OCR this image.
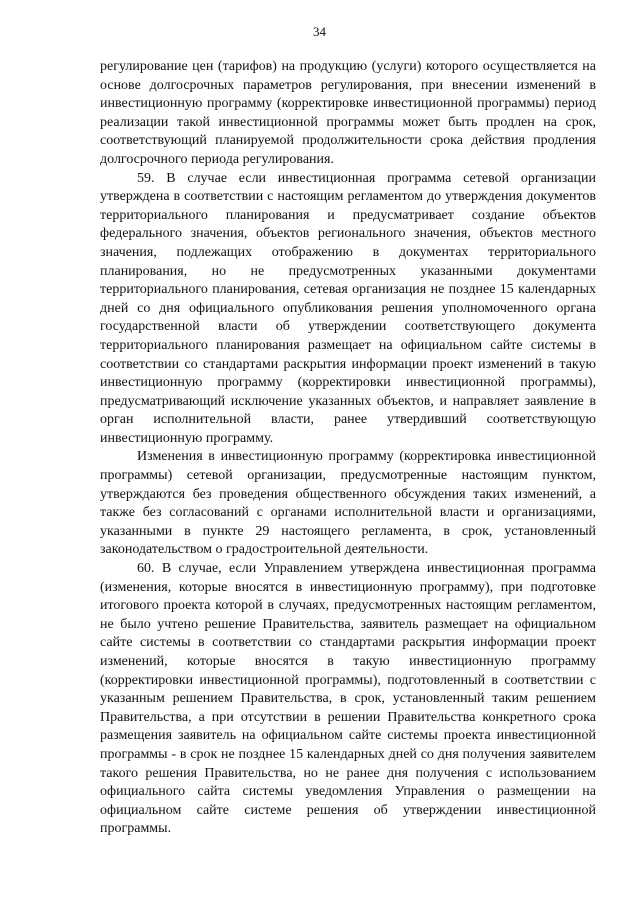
34

регулирование цен (тарифов) на продукцию (услуги) которого осуществляется на основе долгосрочных параметров регулирования, при внесении изменений в инвестиционную программу (корректировке инвестиционной программы) период реализации такой инвестиционной программы может быть продлен на срок, соответствующий планируемой продолжительности срока действия продления долгосрочного периода регулирования.

59. В случае если инвестиционная программа сетевой организации утверждена в соответствии с настоящим регламентом до утверждения документов территориального планирования и предусматривает создание объектов федерального значения, объектов регионального значения, объектов местного значения, подлежащих отображению в документах территориального планирования, но не предусмотренных указанными документами территориального планирования, сетевая организация не позднее 15 календарных дней со дня официального опубликования решения уполномоченного органа государственной власти об утверждении соответствующего документа территориального планирования размещает на официальном сайте системы в соответствии со стандартами раскрытия информации проект изменений в такую инвестиционную программу (корректировки инвестиционной программы), предусматривающий исключение указанных объектов, и направляет заявление в орган исполнительной власти, ранее утвердивший соответствующую инвестиционную программу.

Изменения в инвестиционную программу (корректировка инвестиционной программы) сетевой организации, предусмотренные настоящим пунктом, утверждаются без проведения общественного обсуждения таких изменений, а также без согласований с органами исполнительной власти и организациями, указанными в пункте 29 настоящего регламента, в срок, установленный законодательством о градостроительной деятельности.

60. В случае, если Управлением утверждена инвестиционная программа (изменения, которые вносятся в инвестиционную программу), при подготовке итогового проекта которой в случаях, предусмотренных настоящим регламентом, не было учтено решение Правительства, заявитель размещает на официальном сайте системы в соответствии со стандартами раскрытия информации проект изменений, которые вносятся в такую инвестиционную программу (корректировки инвестиционной программы), подготовленный в соответствии с указанным решением Правительства, в срок, установленный таким решением Правительства, а при отсутствии в решении Правительства конкретного срока размещения заявитель на официальном сайте системы проекта инвестиционной программы - в срок не позднее 15 календарных дней со дня получения заявителем такого решения Правительства, но не ранее дня получения с использованием официального сайта системы уведомления Управления о размещении на официальном сайте системе решения об утверждении инвестиционной программы.
